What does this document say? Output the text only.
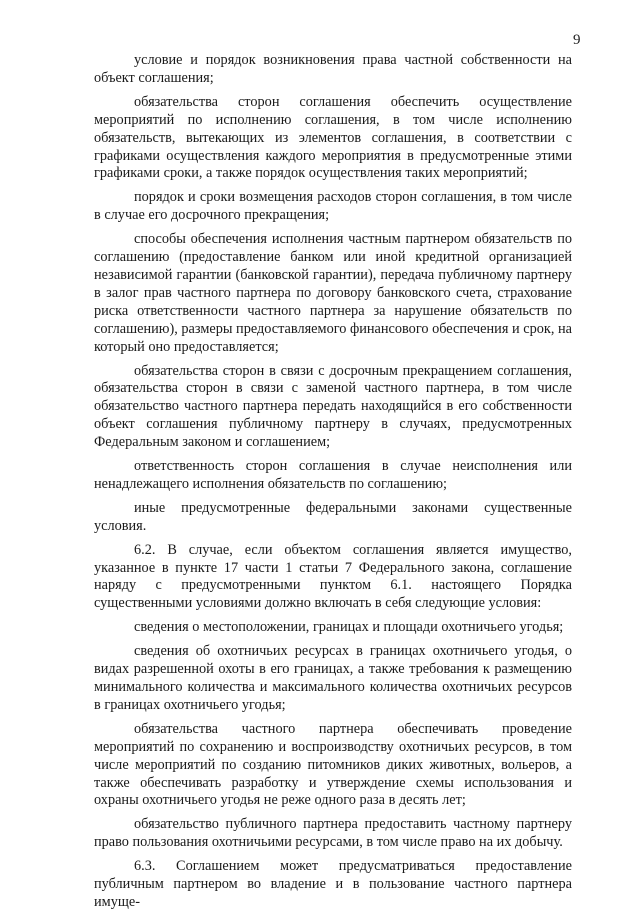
9

условие и порядок возникновения права частной собственности на объект соглашения;

обязательства сторон соглашения обеспечить осуществление мероприятий по исполнению соглашения, в том числе исполнению обязательств, вытекающих из элементов соглашения, в соответствии с графиками осуществления каждого мероприятия в предусмотренные этими графиками сроки, а также порядок осуществления таких мероприятий;

порядок и сроки возмещения расходов сторон соглашения, в том числе в случае его досрочного прекращения;

способы обеспечения исполнения частным партнером обязательств по соглашению (предоставление банком или иной кредитной организацией независимой гарантии (банковской гарантии), передача публичному партнеру в залог прав частного партнера по договору банковского счета, страхование риска ответственности частного партнера за нарушение обязательств по соглашению), размеры предоставляемого финансового обеспечения и срок, на который оно предоставляется;

обязательства сторон в связи с досрочным прекращением соглашения, обязательства сторон в связи с заменой частного партнера, в том числе обязательство частного партнера передать находящийся в его собственности объект соглашения публичному партнеру в случаях, предусмотренных Федеральным законом и соглашением;

ответственность сторон соглашения в случае неисполнения или ненадлежащего исполнения обязательств по соглашению;

иные предусмотренные федеральными законами существенные условия.

6.2. В случае, если объектом соглашения является имущество, указанное в пункте 17 части 1 статьи 7 Федерального закона, соглашение наряду с предусмотренными пунктом 6.1. настоящего Порядка существенными условиями должно включать в себя следующие условия:

сведения о местоположении, границах и площади охотничьего угодья;

сведения об охотничьих ресурсах в границах охотничьего угодья, о видах разрешенной охоты в его границах, а также требования к размещению минимального количества и максимального количества охотничьих ресурсов в границах охотничьего угодья;

обязательства частного партнера обеспечивать проведение мероприятий по сохранению и воспроизводству охотничьих ресурсов, в том числе мероприятий по созданию питомников диких животных, вольеров, а также обеспечивать разработку и утверждение схемы использования и охраны охотничьего угодья не реже одного раза в десять лет;

обязательство публичного партнера предоставить частному партнеру право пользования охотничьими ресурсами, в том числе право на их добычу.

6.3. Соглашением может предусматриваться предоставление публичным партнером во владение и в пользование частного партнера имуще-
